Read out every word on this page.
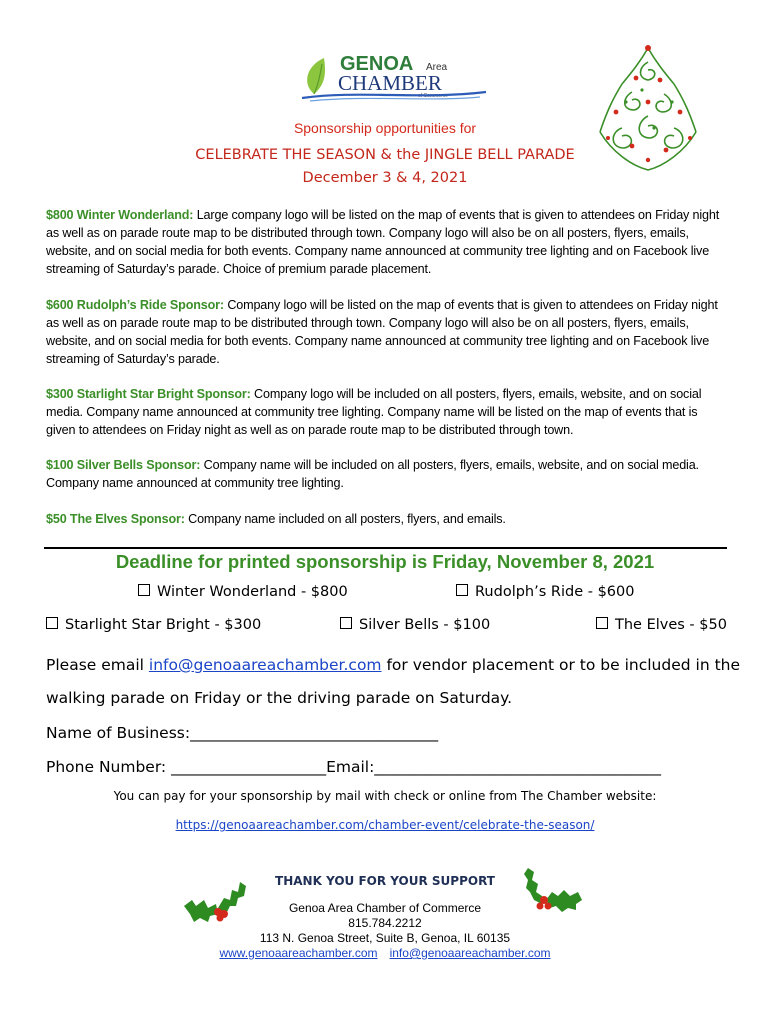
GENOA Area
CHAMBER
of Commerce
Sponsorship opportunities for
CELEBRATE THE SEASON & the JINGLE BELL PARADE
December 3 & 4, 2021
$800 Winter Wonderland: Large company logo will be listed on the map of events that is given to attendees on Friday night as well as on parade route map to be distributed through town. Company logo will also be on all posters, flyers, emails, website, and on social media for both events. Company name announced at community tree lighting and on Facebook live streaming of Saturday’s parade. Choice of premium parade placement.
$600 Rudolph’s Ride Sponsor: Company logo will be listed on the map of events that is given to attendees on Friday night as well as on parade route map to be distributed through town. Company logo will also be on all posters, flyers, emails, website, and on social media for both events. Company name announced at community tree lighting and on Facebook live streaming of Saturday’s parade.
$300 Starlight Star Bright Sponsor: Company logo will be included on all posters, flyers, emails, website, and on social media. Company name announced at community tree lighting. Company name will be listed on the map of events that is given to attendees on Friday night as well as on parade route map to be distributed through town.
$100 Silver Bells Sponsor: Company name will be included on all posters, flyers, emails, website, and on social media. Company name announced at community tree lighting.
$50 The Elves Sponsor: Company name included on all posters, flyers, and emails.
Deadline for printed sponsorship is Friday, November 8, 2021
Winter Wonderland - $800	Rudolph’s Ride - $600
Starlight Star Bright - $300	Silver Bells - $100	The Elves - $50
Please email info@genoaareachamber.com for vendor placement or to be included in the
walking parade on Friday or the driving parade on Saturday.
Name of Business:________________________________
Phone Number: ____________________Email:_____________________________________
You can pay for your sponsorship by mail with check or online from The Chamber website:
https://genoaareachamber.com/chamber-event/celebrate-the-season/
THANK YOU FOR YOUR SUPPORT
Genoa Area Chamber of Commerce
815.784.2212
113 N. Genoa Street, Suite B, Genoa, IL 60135
www.genoaareachamber.com info@genoaareachamber.com
